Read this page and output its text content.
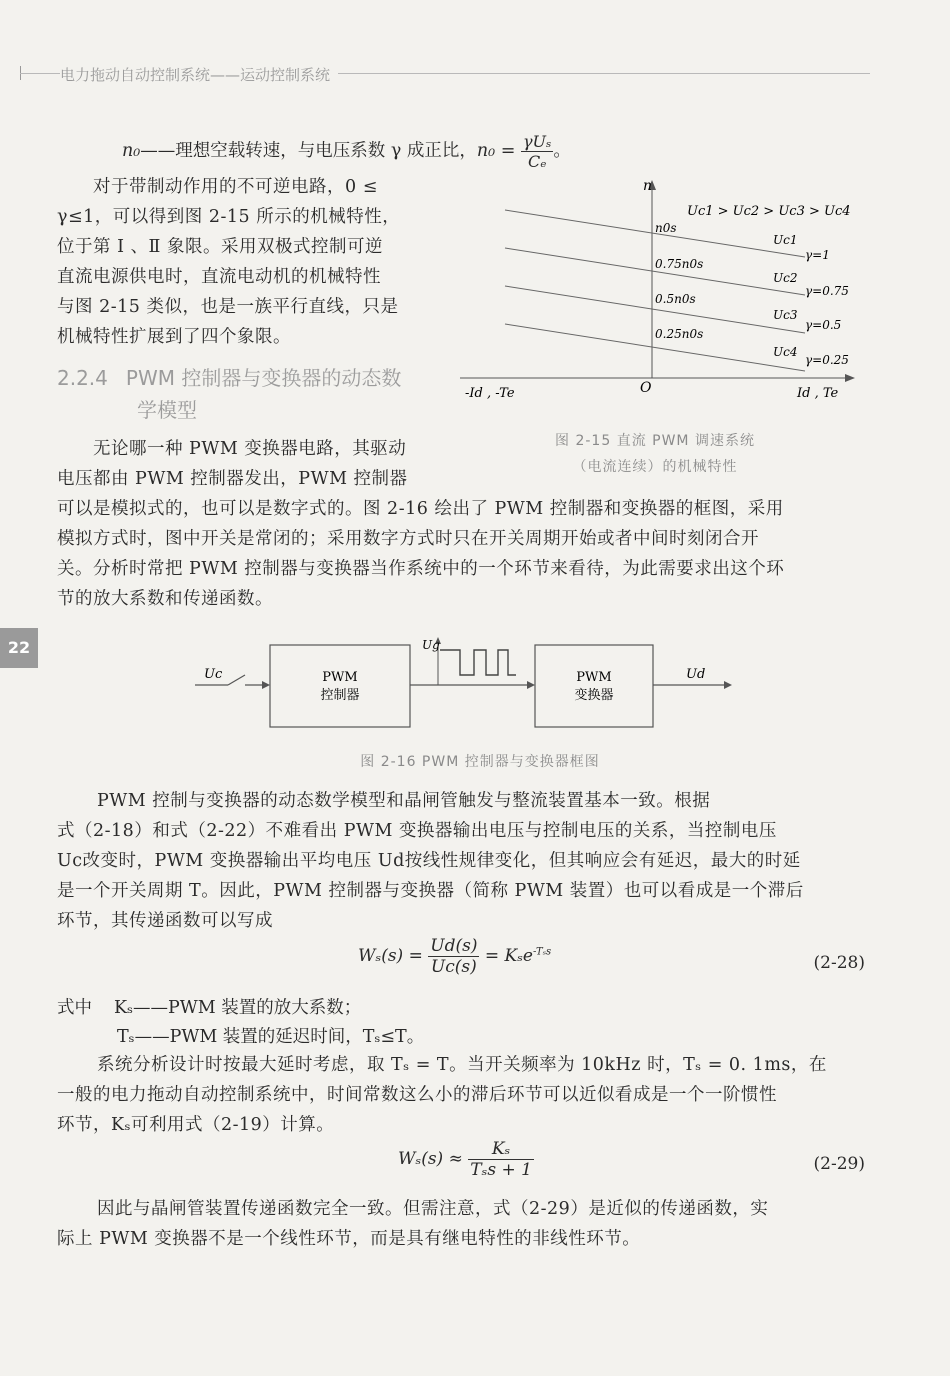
电力拖动自动控制系统——运动控制系统
22
n₀——理想空载转速，与电压系数 γ 成正比，$n_0 = \frac{\text{γUₛ}}{\text{Cₑ}}$ 。
对于带制动作用的不可逆电路，0 ≤
γ≤1，可以得到图 2-15 所示的机械特性，
位于第 Ⅰ 、Ⅱ 象限。采用双极式控制可逆
直流电源供电时，直流电动机的机械特性
与图 2-15 类似，也是一族平行直线，只是
机械特性扩展到了四个象限。
2.2.4 PWM 控制器与变换器的动态数
学模型
n
O	Id , Te
-Id , -Te
Uc1 > Uc2 > Uc3 > Uc4
n0s
0.75n0s
0.5n0s
0.25n0s
Uc1
Uc2
Uc3
Uc4
γ=1
γ=0.75
γ=0.5
γ=0.25
图 2-15 直流 PWM 调速系统
（电流连续）的机械特性
无论哪一种 PWM 变换器电路，其驱动
电压都由 PWM 控制器发出，PWM 控制器
可以是模拟式的，也可以是数字式的。图 2-16 绘出了 PWM 控制器和变换器的框图，采用
模拟方式时，图中开关是常闭的；采用数字方式时只在开关周期开始或者中间时刻闭合开
关。分析时常把 PWM 控制器与变换器当作系统中的一个环节来看待，为此需要求出这个环
节的放大系数和传递函数。
Uc	PWM
控制器
Ug
PWM
变换器
Ud
图 2-16 PWM 控制器与变换器框图
PWM 控制与变换器的动态数学模型和晶闸管触发与整流装置基本一致。根据
式（2-18）和式（2-22）不难看出 PWM 变换器输出电压与控制电压的关系，当控制电压
Uc改变时，PWM 变换器输出平均电压 Ud按线性规律变化，但其响应会有延迟，最大的时延
是一个开关周期 T。因此，PWM 控制器与变换器（简称 PWM 装置）也可以看成是一个滞后
环节，其传递函数可以写成
$W_s(s) = \frac{Ud(s)}{Uc(s)} = K_se^{-T_ss}$
(2-28)
式中 Kₛ——PWM 装置的放大系数；
Tₛ——PWM 装置的延迟时间，Tₛ≤T。
系统分析设计时按最大延时考虑，取 Tₛ = T。当开关频率为 10kHz 时，Tₛ = 0. 1ms，在
一般的电力拖动自动控制系统中，时间常数这么小的滞后环节可以近似看成是一个一阶惯性
环节，Kₛ可利用式（2-19）计算。
$W_s(s) \approx \frac{\text{Kₛ}}{\text{Tₛs + 1}}$	(2-29)
因此与晶闸管装置传递函数完全一致。但需注意，式（2-29）是近似的传递函数，实
际上 PWM 变换器不是一个线性环节，而是具有继电特性的非线性环节。
